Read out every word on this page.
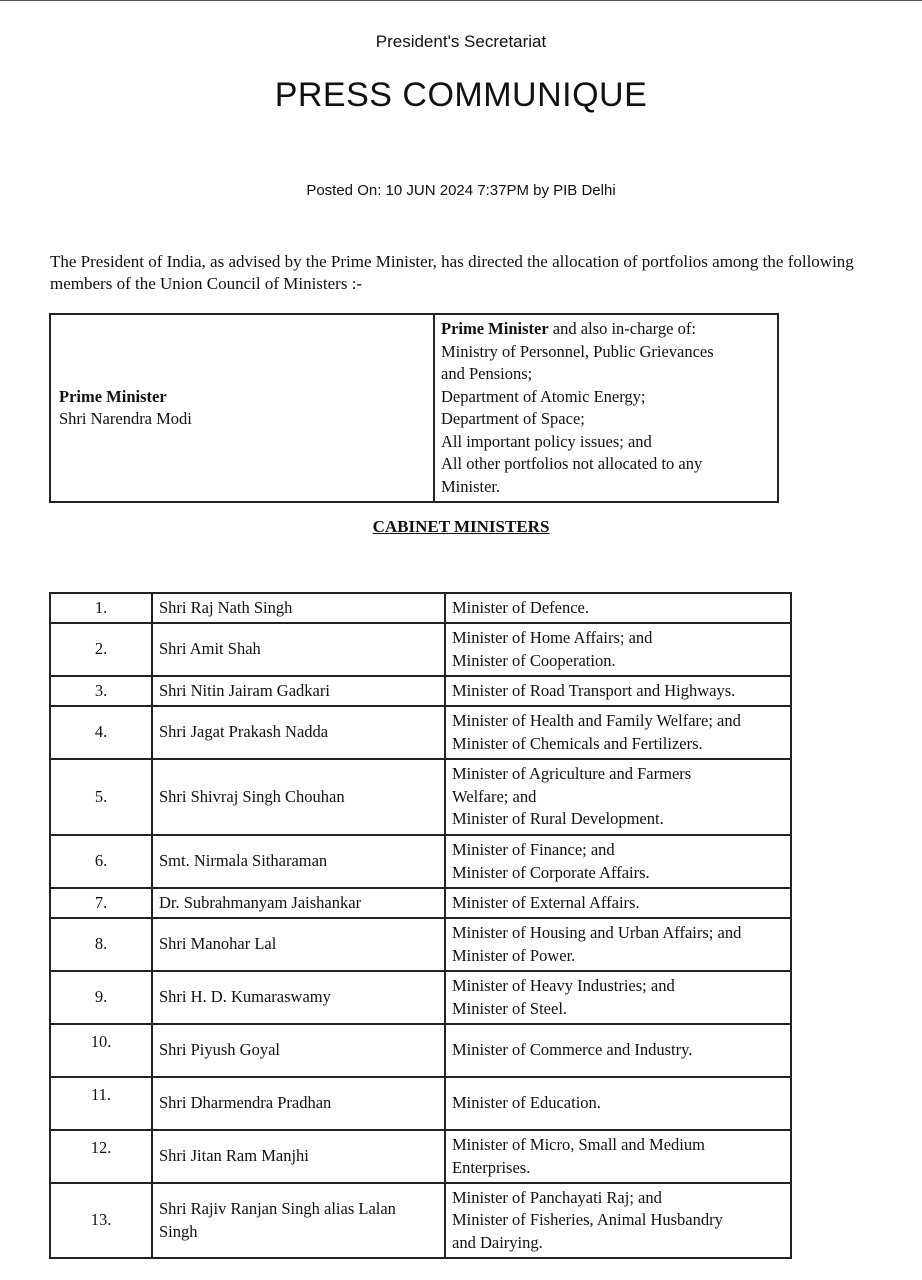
President's Secretariat
PRESS COMMUNIQUE
Posted On: 10 JUN 2024 7:37PM by PIB Delhi
The President of India, as advised by the Prime Minister, has directed the allocation of portfolios among the following members of the Union Council of Ministers :-
Prime Minister
Shri Narendra Modi

Prime Minister and also in-charge of:
Ministry of Personnel, Public Grievances
and Pensions;
Department of Atomic Energy;
Department of Space;
All important policy issues; and
All other portfolios not allocated to any
Minister.
CABINET MINISTERS
1.	Shri Raj Nath Singh	Minister of Defence.

2.	Shri Amit Shah	Minister of Home Affairs; and
Minister of Cooperation.

3.	Shri Nitin Jairam Gadkari	Minister of Road Transport and Highways.

4.	Shri Jagat Prakash Nadda	Minister of Health and Family Welfare; and
Minister of Chemicals and Fertilizers.

5.	Shri Shivraj Singh Chouhan	Minister of Agriculture and Farmers
Welfare; and
Minister of Rural Development.

6.	Smt. Nirmala Sitharaman	Minister of Finance; and
Minister of Corporate Affairs.

7.	Dr. Subrahmanyam Jaishankar	Minister of External Affairs.

8.	Shri Manohar Lal	Minister of Housing and Urban Affairs; and
Minister of Power.

9.	Shri H. D. Kumaraswamy	Minister of Heavy Industries; and
Minister of Steel.

10.	Shri Piyush Goyal	Minister of Commerce and Industry.

11.	Shri Dharmendra Pradhan	Minister of Education.

12.	Shri Jitan Ram Manjhi	Minister of Micro, Small and Medium
Enterprises.

13.	Shri Rajiv Ranjan Singh alias Lalan Singh	Minister of Panchayati Raj; and
Minister of Fisheries, Animal Husbandry
and Dairying.
